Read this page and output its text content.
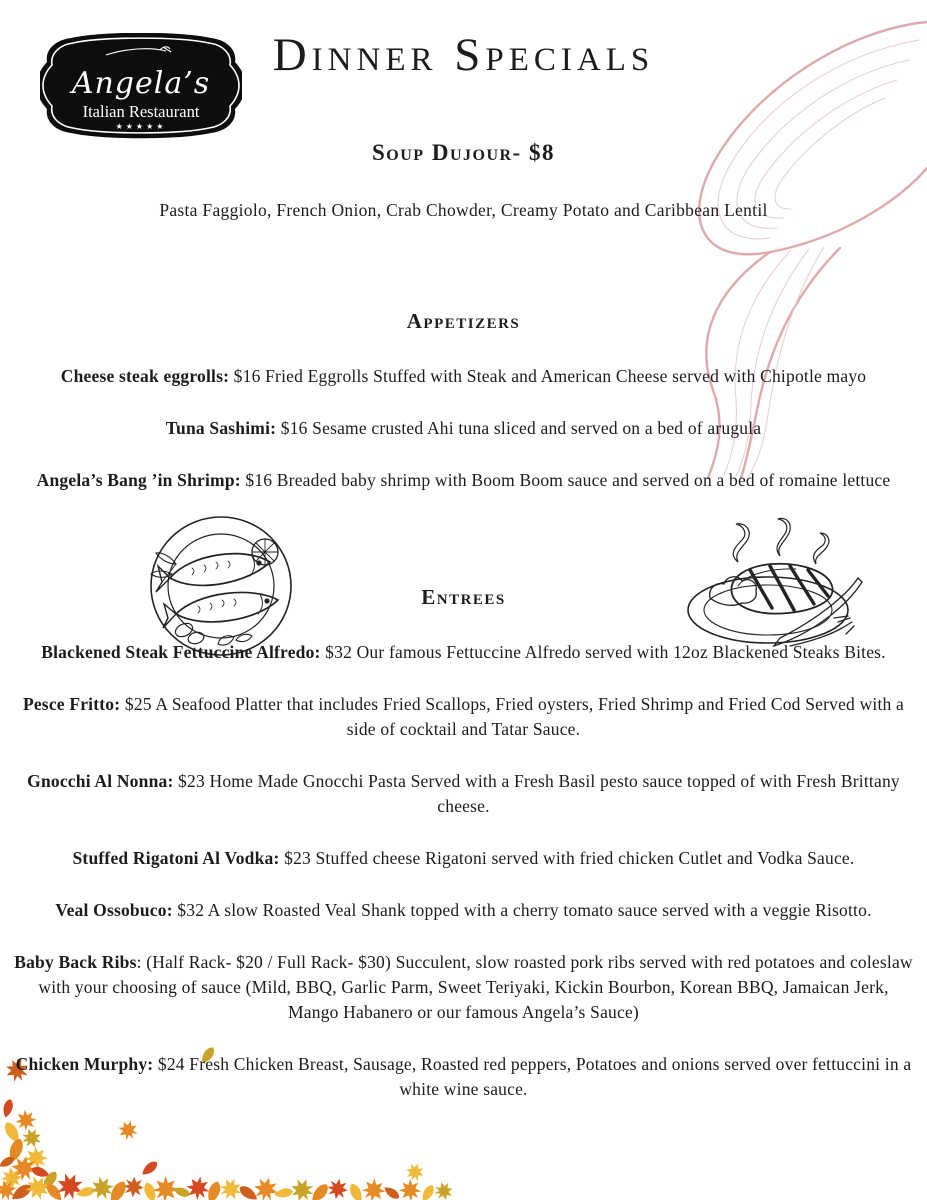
Angela’s
Italian Restaurant
★★★★★
Dinner Specials
Soup Dujour- $8

Pasta Faggiolo, French Onion, Crab Chowder, Creamy Potato and Caribbean Lentil

Appetizers

Cheese steak eggrolls: $16 Fried Eggrolls Stuffed with Steak and American Cheese served with Chipotle mayo

Tuna Sashimi: $16 Sesame crusted Ahi tuna sliced and served on a bed of arugula

Angela’s Bang ’in Shrimp: $16 Breaded baby shrimp with Boom Boom sauce and served on a bed of romaine lettuce

Entrees

Blackened Steak Fettuccine Alfredo: $32 Our famous Fettuccine Alfredo served with 12oz Blackened Steaks Bites.

Pesce Fritto: $25 A Seafood Platter that includes Fried Scallops, Fried oysters, Fried Shrimp and Fried Cod Served with a side of cocktail and Tatar Sauce.

Gnocchi Al Nonna: $23 Home Made Gnocchi Pasta Served with a Fresh Basil pesto sauce topped of with Fresh Brittany cheese.

Stuffed Rigatoni Al Vodka: $23 Stuffed cheese Rigatoni served with fried chicken Cutlet and Vodka Sauce.

Veal Ossobuco: $32 A slow Roasted Veal Shank topped with a cherry tomato sauce served with a veggie Risotto.

Baby Back Ribs: (Half Rack- $20 / Full Rack- $30) Succulent, slow roasted pork ribs served with red potatoes and coleslaw with your choosing of sauce (Mild, BBQ, Garlic Parm, Sweet Teriyaki, Kickin Bourbon, Korean BBQ, Jamaican Jerk, Mango Habanero or our famous Angela’s Sauce)

Chicken Murphy: $24 Fresh Chicken Breast, Sausage, Roasted red peppers, Potatoes and onions served over fettuccini in a white wine sauce.
